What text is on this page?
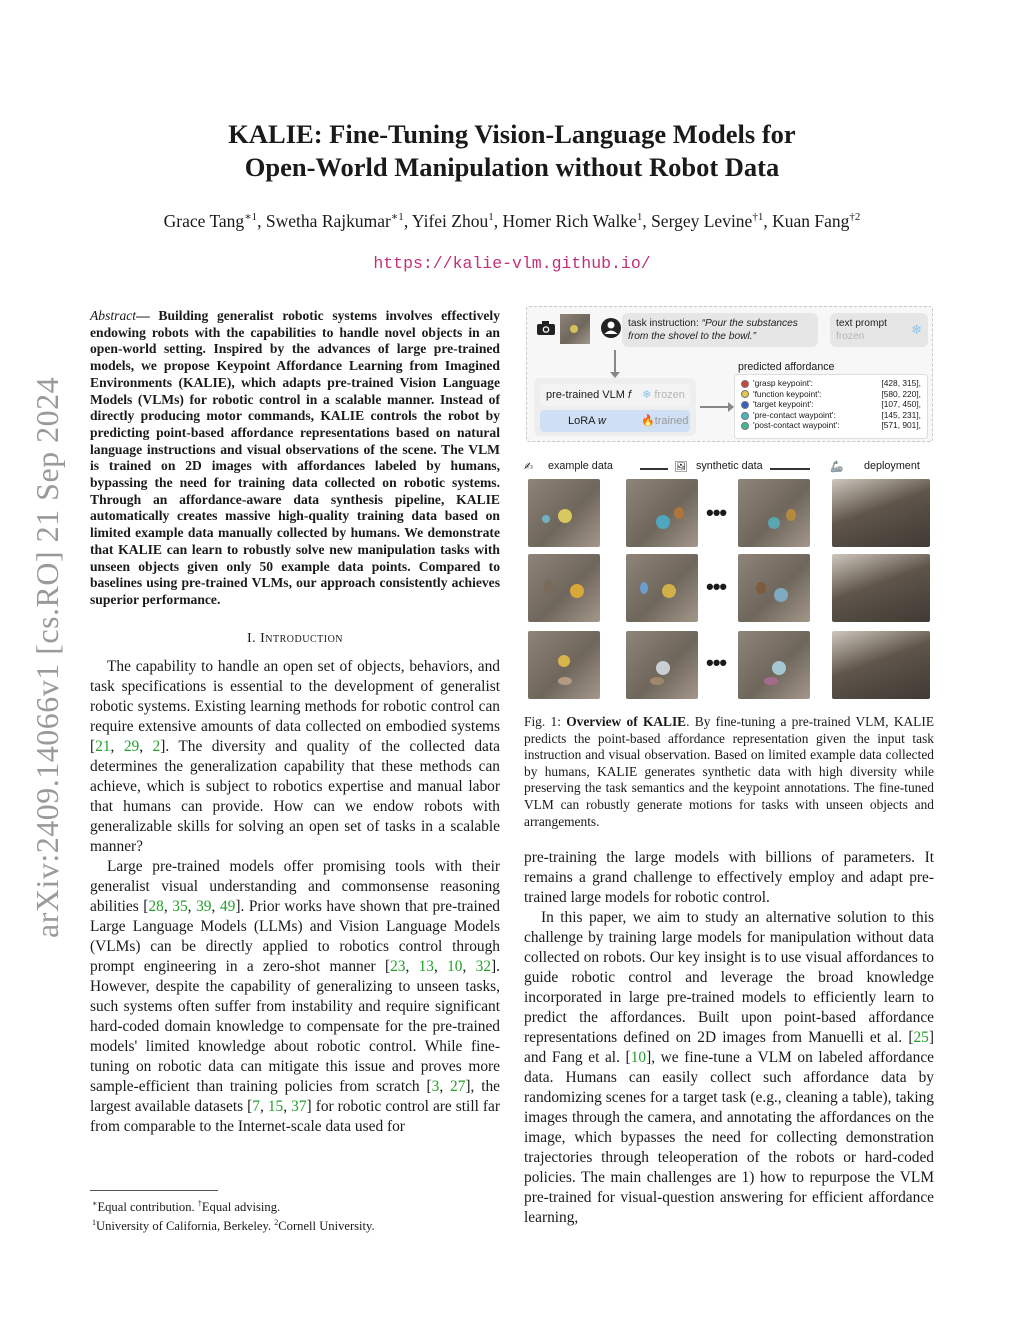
arXiv:2409.14066v1 [cs.RO] 21 Sep 2024
KALIE: Fine-Tuning Vision-Language Models for
Open-World Manipulation without Robot Data
Grace Tang$^{∗1}$, Swetha Rajkumar$^{∗1}$, Yifei Zhou$^1$, Homer Rich Walke$^1$, Sergey Levine$^{\dagger 1}$, Kuan Fang$^{\dagger 2}$
https://kalie-vlm.github.io/
Abstract— Building generalist robotic systems involves effectively endowing robots with the capabilities to handle novel objects in an open-world setting. Inspired by the advances of large pre-trained models, we propose Keypoint Affordance Learning from Imagined Environments (KALIE), which adapts pre-trained Vision Language Models (VLMs) for robotic control in a scalable manner. Instead of directly producing motor commands, KALIE controls the robot by predicting point-based affordance representations based on natural language instructions and visual observations of the scene. The VLM is trained on 2D images with affordances labeled by humans, bypassing the need for training data collected on robotic systems. Through an affordance-aware data synthesis pipeline, KALIE automatically creates massive high-quality training data based on limited example data manually collected by humans. We demonstrate that KALIE can learn to robustly solve new manipulation tasks with unseen objects given only 50 example data points. Compared to baselines using pre-trained VLMs, our approach consistently achieves superior performance.
I. Introduction

The capability to handle an open set of objects, behaviors, and task specifications is essential to the development of generalist robotic systems. Existing learning methods for robotic control can require extensive amounts of data collected on embodied systems [21, 29, 2]. The diversity and quality of the collected data determines the generalization capability that these methods can achieve, which is subject to robotics expertise and manual labor that humans can provide. How can we endow robots with generalizable skills for solving an open set of tasks in a scalable manner?

Large pre-trained models offer promising tools with their generalist visual understanding and commonsense reasoning abilities [28, 35, 39, 49]. Prior works have shown that pre-trained Large Language Models (LLMs) and Vision Language Models (VLMs) can be directly applied to robotics control through prompt engineering in a zero-shot manner [23, 13, 10, 32]. However, despite the capability of generalizing to unseen tasks, such systems often suffer from instability and require significant hard-coded domain knowledge to compensate for the pre-trained models' limited knowledge about robotic control. While fine-tuning on robotic data can mitigate this issue and proves more sample-efficient than training policies from scratch [3, 27], the largest available datasets [7, 15, 37] for robotic control are still far from comparable to the Internet-scale data used for

∗Equal contribution. †Equal advising.
$^1$University of California, Berkeley. $^2$Cornell University.
task instruction: “Pour the substances from the shovel to the bowl.”
text prompt
frozen	❄
pre-trained VLM f ❄ frozen
LoRA w	🔥trained
predicted affordance
'grasp keypoint':	[428, 315],
'function keypoint':	[580, 220],
'target keypoint':	[107, 450],
'pre-contact waypoint':	[145, 231],
'post-contact waypoint':	[571, 901],
✍ example data	🖼 synthetic data	🦾 deployment
•••
•••
•••
Fig. 1: Overview of KALIE. By fine-tuning a pre-trained VLM, KALIE predicts the point-based affordance representation given the input task instruction and visual observation. Based on limited example data collected by humans, KALIE generates synthetic data with high diversity while preserving the task semantics and the keypoint annotations. The fine-tuned VLM can robustly generate motions for tasks with unseen objects and arrangements.

pre-training the large models with billions of parameters. It remains a grand challenge to effectively employ and adapt pre-trained large models for robotic control.

In this paper, we aim to study an alternative solution to this challenge by training large models for manipulation without data collected on robots. Our key insight is to use visual affordances to guide robotic control and leverage the broad knowledge incorporated in large pre-trained models to efficiently learn to predict the affordances. Built upon point-based affordance representations defined on 2D images from Manuelli et al. [25] and Fang et al. [10], we fine-tune a VLM on labeled affordance data. Humans can easily collect such affordance data by randomizing scenes for a target task (e.g., cleaning a table), taking images through the camera, and annotating the affordances on the image, which bypasses the need for collecting demonstration trajectories through teleoperation of the robots or hard-coded policies. The main challenges are 1) how to repurpose the VLM pre-trained for visual-question answering for efficient affordance learning,
